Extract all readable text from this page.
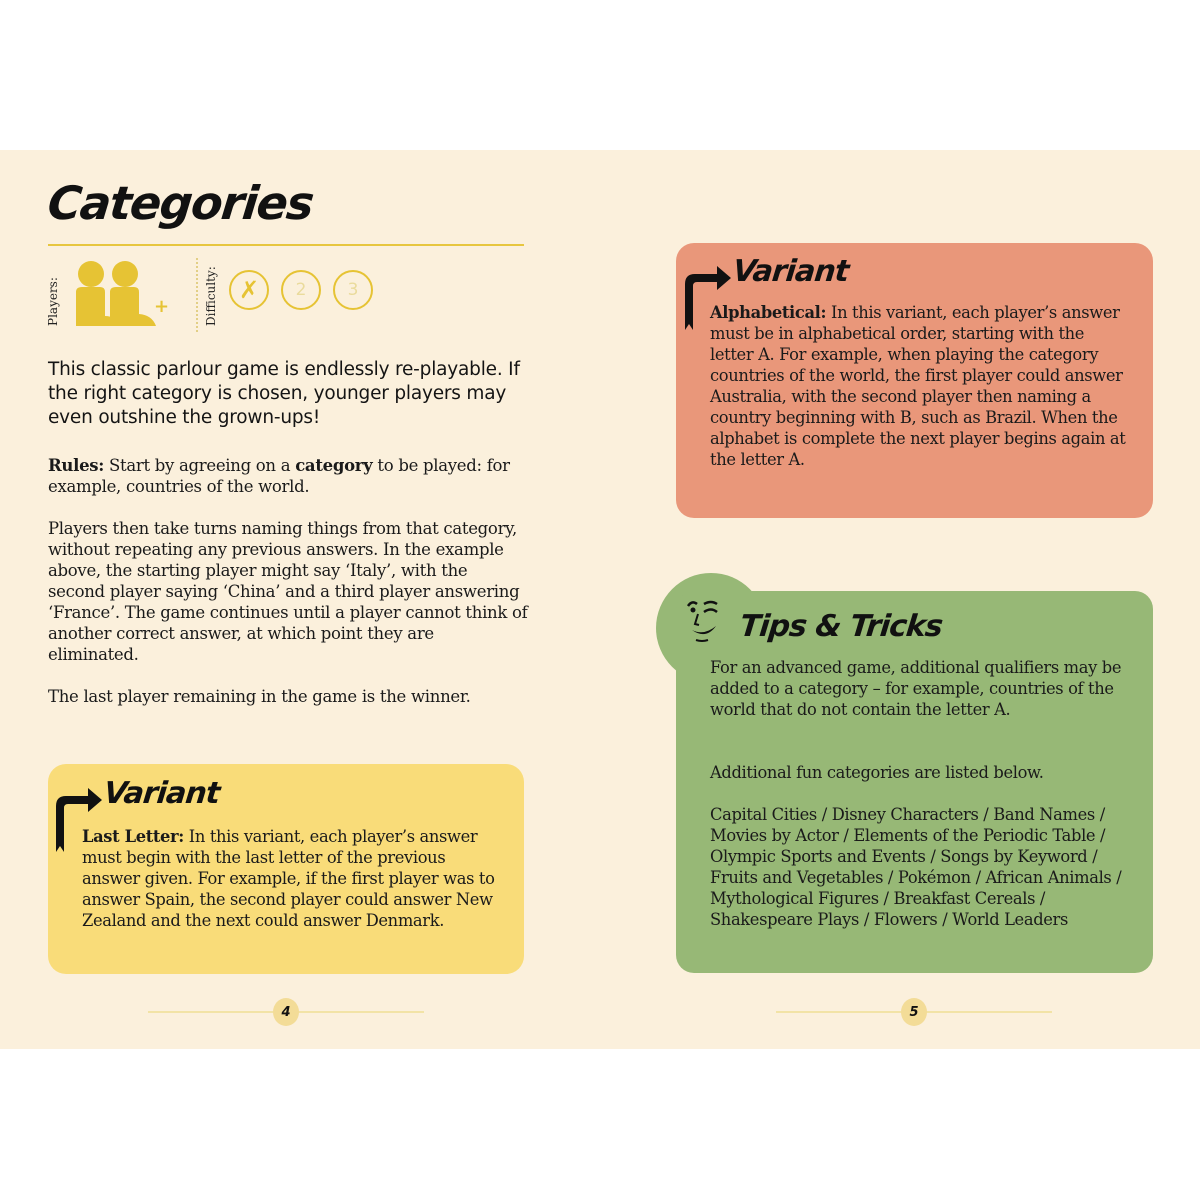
Categories
Players:	+	Difficulty: ✗ 2 3

This classic parlour game is endlessly re-playable. If the right category is chosen, younger players may even outshine the grown-ups!

Rules: Start by agreeing on a category to be played: for example, countries of the world.

Players then take turns naming things from that category, without repeating any previous answers. In the example above, the starting player might say ‘Italy’, with the second player saying ‘China’ and a third player answering ‘France’. The game continues until a player cannot think of another correct answer, at which point they are eliminated.

The last player remaining in the game is the winner.

Variant

Last Letter: In this variant, each player’s answer must begin with the last letter of the previous answer given. For example, if the first player was to answer Spain, the second player could answer New Zealand and the next could answer Denmark.

4
Variant

Alphabetical: In this variant, each player’s answer must be in alphabetical order, starting with the letter A. For example, when playing the category countries of the world, the first player could answer Australia, with the second player then naming a country beginning with B, such as Brazil. When the alphabet is complete the next player begins again at the letter A.

Tips & Tricks

For an advanced game, additional qualifiers may be added to a category – for example, countries of the world that do not contain the letter A.

Additional fun categories are listed below.

Capital Cities / Disney Characters / Band Names / Movies by Actor / Elements of the Periodic Table / Olympic Sports and Events / Songs by Keyword / Fruits and Vegetables / Pokémon / African Animals / Mythological Figures / Breakfast Cereals / Shakespeare Plays / Flowers / World Leaders

5
